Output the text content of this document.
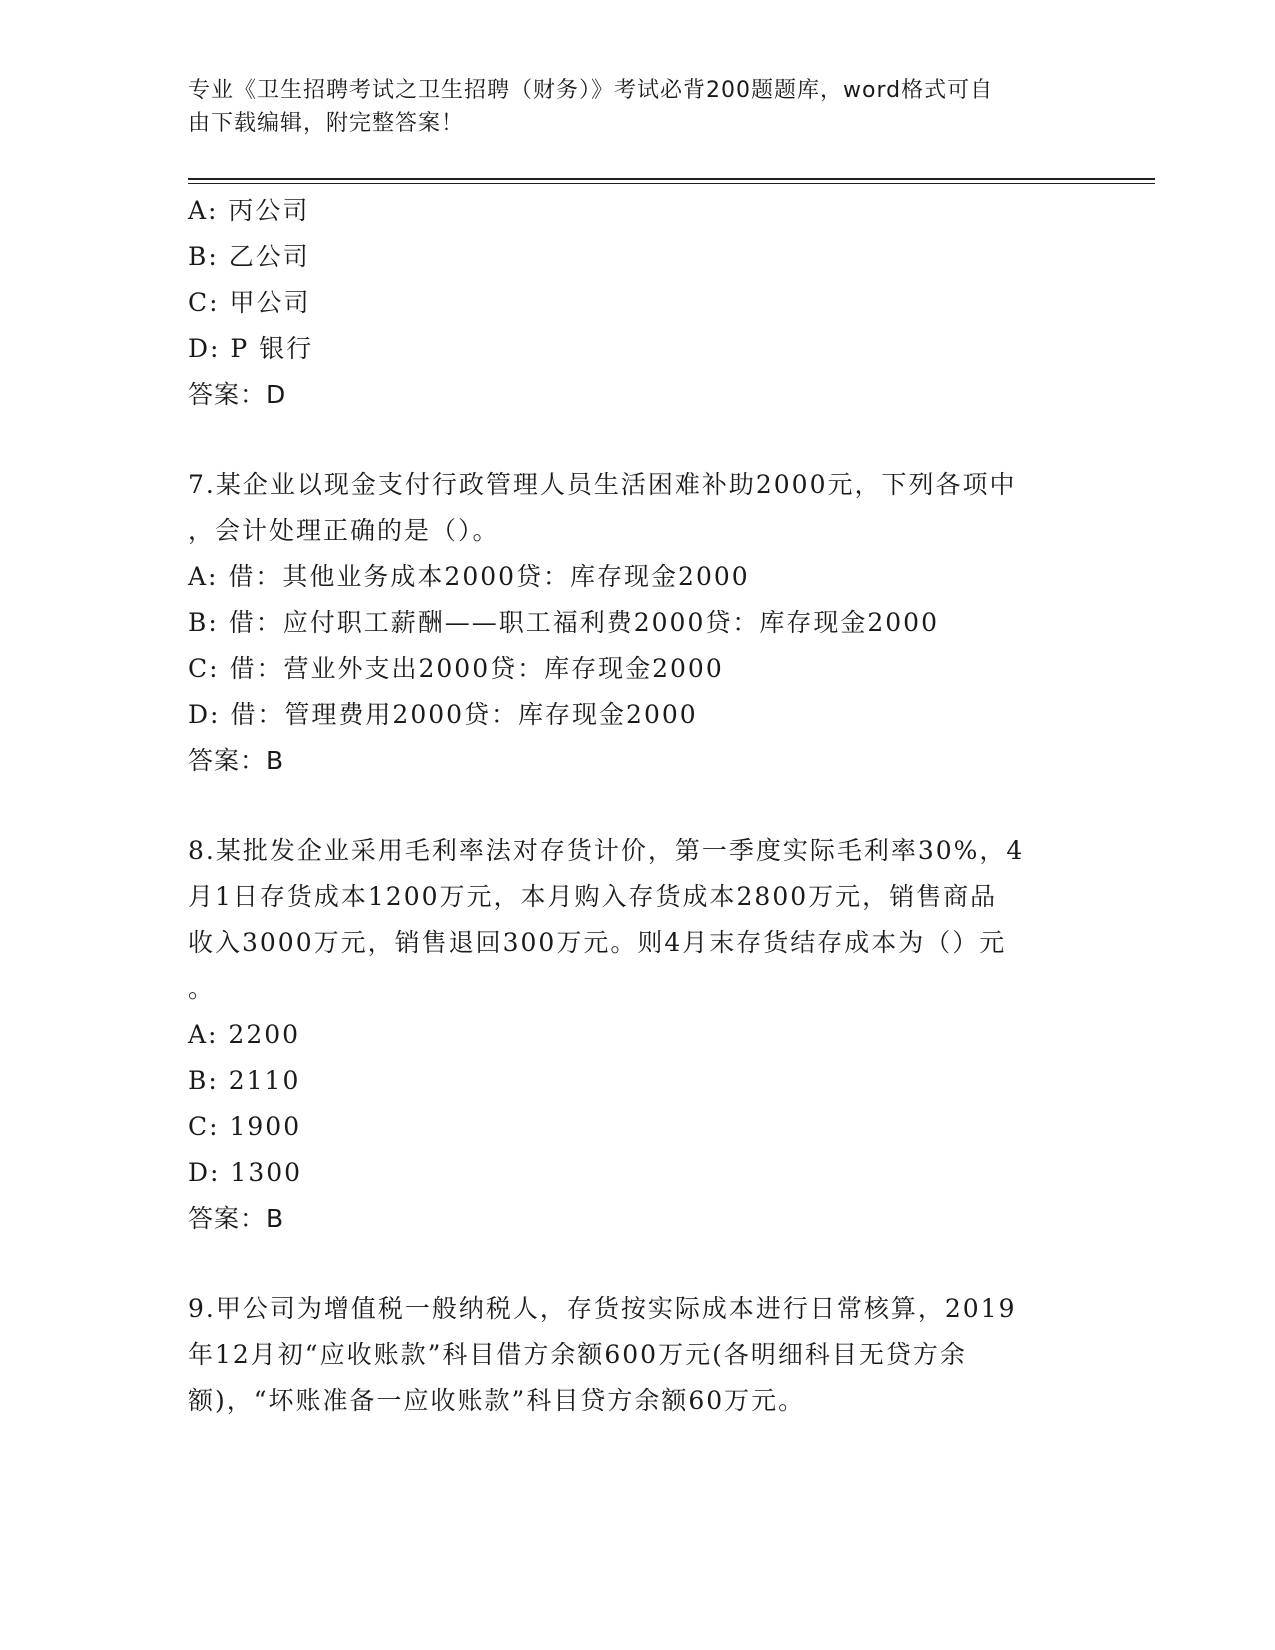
专业《卫生招聘考试之卫生招聘（财务）》考试必背200题题库，word格式可自
由下载编辑，附完整答案！
A: 丙公司
B: 乙公司
C: 甲公司
D: P 银行
答案：D
7.某企业以现金支付行政管理人员生活困难补助2000元，下列各项中
，会计处理正确的是（）。
A: 借：其他业务成本2000贷：库存现金2000
B: 借：应付职工薪酬——职工福利费2000贷：库存现金2000
C: 借：营业外支出2000贷：库存现金2000
D: 借：管理费用2000贷：库存现金2000
答案：B
8.某批发企业采用毛利率法对存货计价，第一季度实际毛利率30%，4
月1日存货成本1200万元，本月购入存货成本2800万元，销售商品
收入3000万元，销售退回300万元。则4月末存货结存成本为（）元
。
A: 2200
B: 2110
C: 1900
D: 1300
答案：B
9.甲公司为增值税一般纳税人，存货按实际成本进行日常核算，2019
年12月初“应收账款”科目借方余额600万元(各明细科目无贷方余
额)，“坏账准备一应收账款”科目贷方余额60万元。
